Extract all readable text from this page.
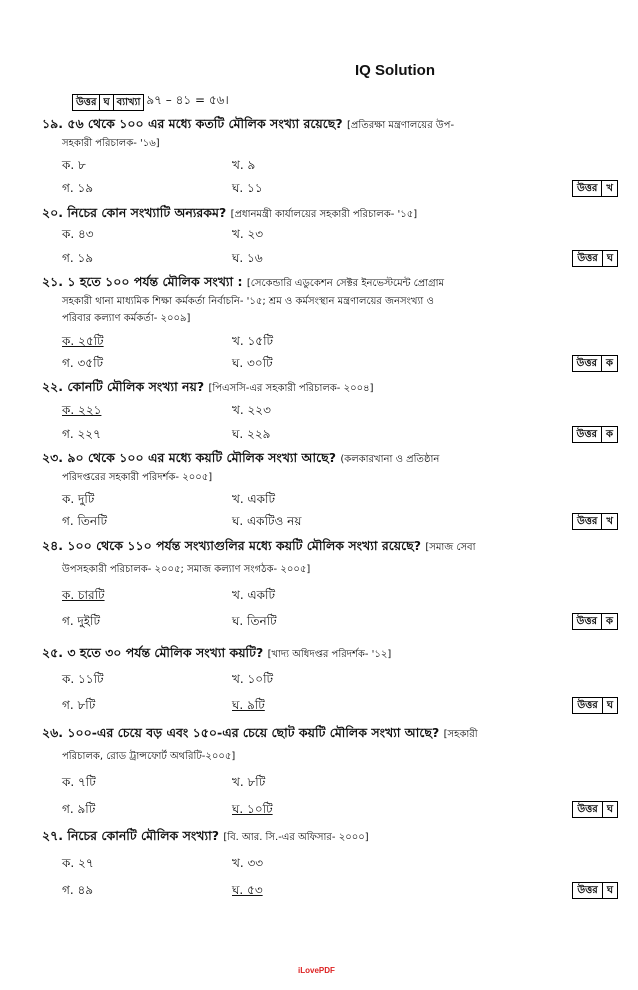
IQ Solution
উত্তর ঘ ব্যাখ্যা ৯৭ – ৪১ = ৫৬।
১৯. ৫৬ থেকে ১০০ এর মধ্যে কতটি মৌলিক সংখ্যা রয়েছে? [প্রতিরক্ষা মন্ত্রণালয়ের উপ-
সহকারী পরিচালক- '১৬]
ক. ৮	খ. ৯
গ. ১৯	ঘ. ১১	উত্তর খ
২০. নিচের কোন সংখ্যাটি অন্যরকম? [প্রধানমন্ত্রী কার্যালয়ের সহকারী পরিচালক- '১৫]
ক. ৪৩	খ. ২৩
গ. ১৯	ঘ. ১৬	উত্তর ঘ
২১. ১ হতে ১০০ পর্যন্ত মৌলিক সংখ্যা : [সেকেন্ডারি এডুকেশন সেক্টর ইনভেস্টমেন্ট প্রোগ্রাম
সহকারী থানা মাধ্যমিক শিক্ষা কর্মকর্তা নির্বাচনি- '১৫; শ্রম ও কর্মসংস্থান মন্ত্রণালয়ের জনসংখ্যা ও
পরিবার কল্যাণ কর্মকর্তা- ২০০৯]
ক. ২৫টি	খ. ১৫টি
গ. ৩৫টি	ঘ. ৩০টি	উত্তর ক
২২. কোনটি মৌলিক সংখ্যা নয়? [পিএসসি-এর সহকারী পরিচালক- ২০০৪]
ক. ২২১	খ. ২২৩
গ. ২২৭	ঘ. ২২৯	উত্তর ক
২৩. ৯০ থেকে ১০০ এর মধ্যে কয়টি মৌলিক সংখ্যা আছে? (কলকারখানা ও প্রতিষ্ঠান
পরিদপ্তরের সহকারী পরিদর্শক- ২০০৫]
ক. দুটি	খ. একটি
গ. তিনটি	ঘ. একটিও নয়	উত্তর খ
২৪. ১০০ থেকে ১১০ পর্যন্ত সংখ্যাগুলির মধ্যে কয়টি মৌলিক সংখ্যা রয়েছে? [সমাজ সেবা
উপসহকারী পরিচালক- ২০০৫; সমাজ কল্যাণ সংগঠক- ২০০৫]
ক. চারটি	খ. একটি
গ. দুইটি	ঘ. তিনটি	উত্তর ক
২৫. ৩ হতে ৩০ পর্যন্ত মৌলিক সংখ্যা কয়টি? [খাদ্য অধিদপ্তর পরিদর্শক- '১২]
ক. ১১টি	খ. ১০টি
গ. ৮টি	ঘ. ৯টি	উত্তর ঘ
২৬. ১০০-এর চেয়ে বড় এবং ১৫০-এর চেয়ে ছোট কয়টি মৌলিক সংখ্যা আছে? [সহকারী
পরিচালক, রোড ট্রান্সফোর্ট অথরিটি-২০০৫]
ক. ৭টি	খ. ৮টি
গ. ৯টি	ঘ. ১০টি	উত্তর ঘ
২৭. নিচের কোনটি মৌলিক সংখ্যা? [বি. আর. সি.-এর অফিসার- ২০০০]
ক. ২৭	খ. ৩৩
গ. ৪৯	ঘ. ৫৩	উত্তর ঘ
iLovePDF
